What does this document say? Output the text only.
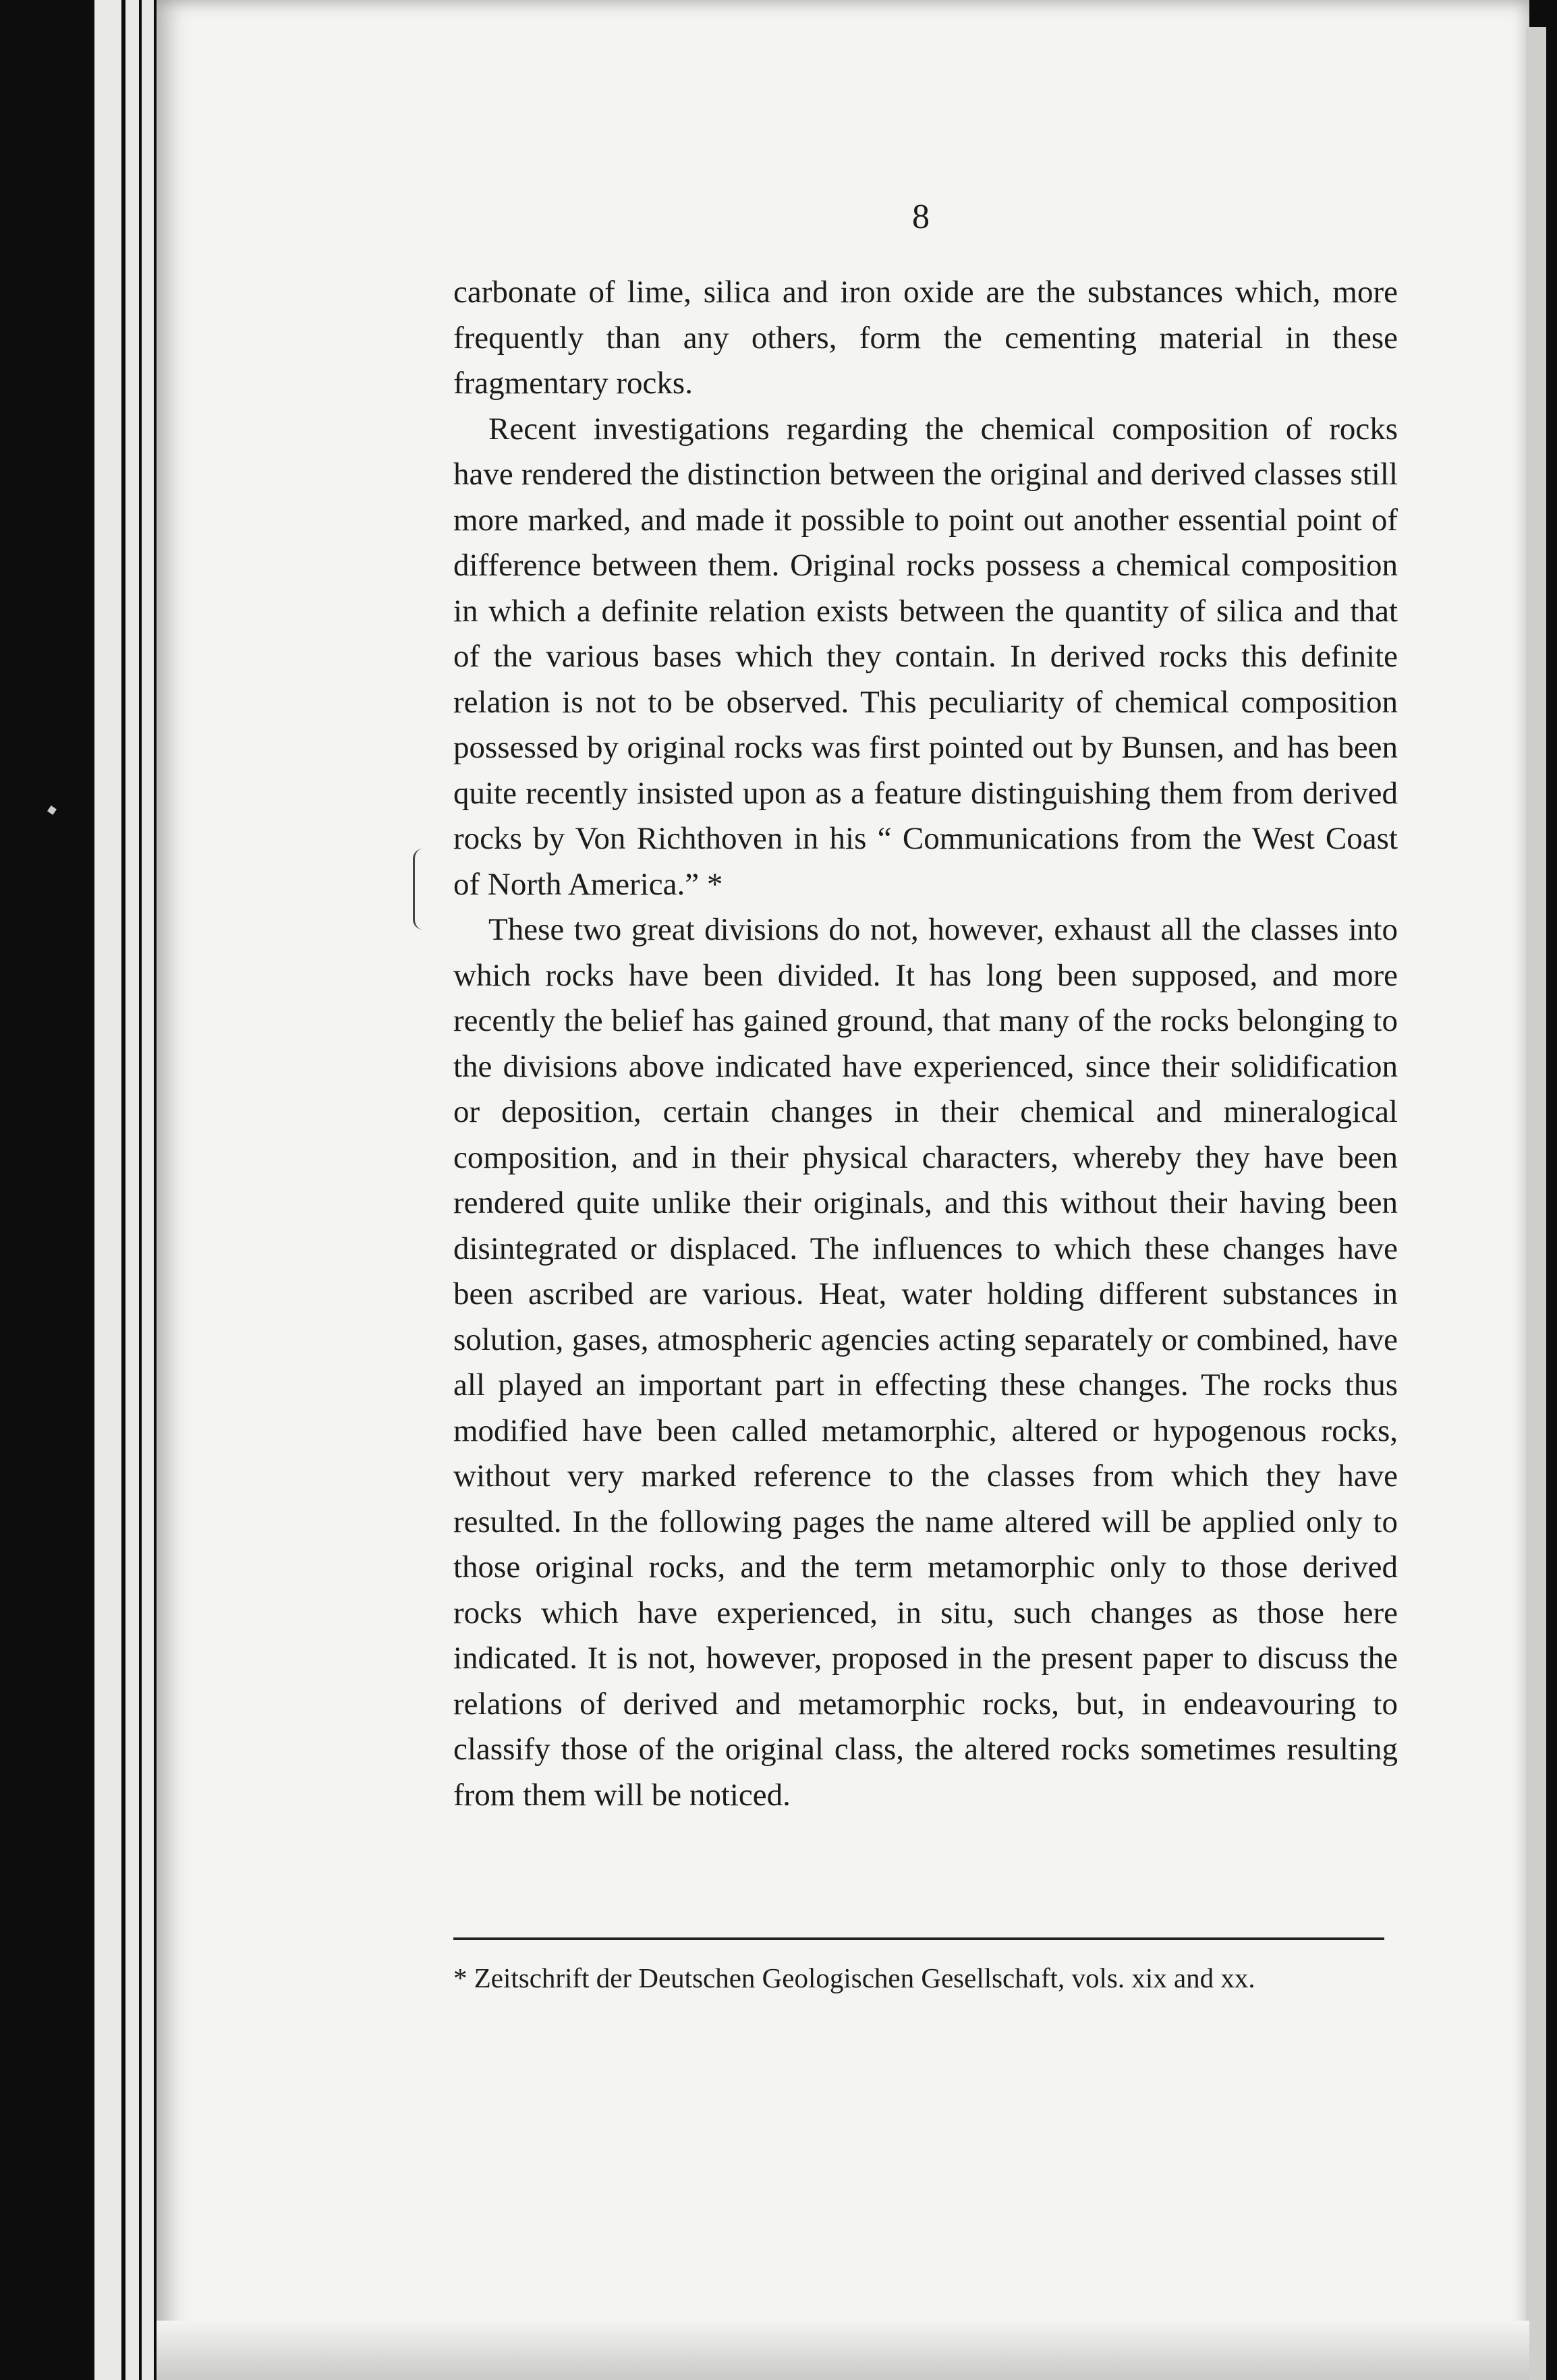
8

carbonate of lime, silica and iron oxide are the substances which, more frequently than any others, form the cementing material in these fragmentary rocks.

Recent investigations regarding the chemical composition of rocks have rendered the distinction between the original and derived classes still more marked, and made it possible to point out another essential point of difference between them. Original rocks possess a chemical composition in which a definite relation exists between the quantity of silica and that of the various bases which they contain. In derived rocks this definite relation is not to be observed. This peculiarity of chemical composition possessed by original rocks was first pointed out by Bunsen, and has been quite recently insisted upon as a feature distinguishing them from derived rocks by Von Richthoven in his “ Communications from the West Coast of North America.” *

These two great divisions do not, however, exhaust all the classes into which rocks have been divided. It has long been supposed, and more recently the belief has gained ground, that many of the rocks belonging to the divisions above indicated have experienced, since their solidification or deposition, certain changes in their chemical and mineralogical composition, and in their physical characters, whereby they have been rendered quite unlike their originals, and this without their having been disintegrated or displaced. The influences to which these changes have been ascribed are various. Heat, water holding different substances in solution, gases, atmospheric agencies acting separately or combined, have all played an important part in effecting these changes. The rocks thus modified have been called metamorphic, altered or hypogenous rocks, without very marked reference to the classes from which they have resulted. In the following pages the name altered will be applied only to those original rocks, and the term metamorphic only to those derived rocks which have experienced, in situ, such changes as those here indicated. It is not, however, proposed in the present paper to discuss the relations of derived and metamorphic rocks, but, in endeavouring to classify those of the original class, the altered rocks sometimes resulting from them will be noticed.

* Zeitschrift der Deutschen Geologischen Gesellschaft, vols. xix and xx.
